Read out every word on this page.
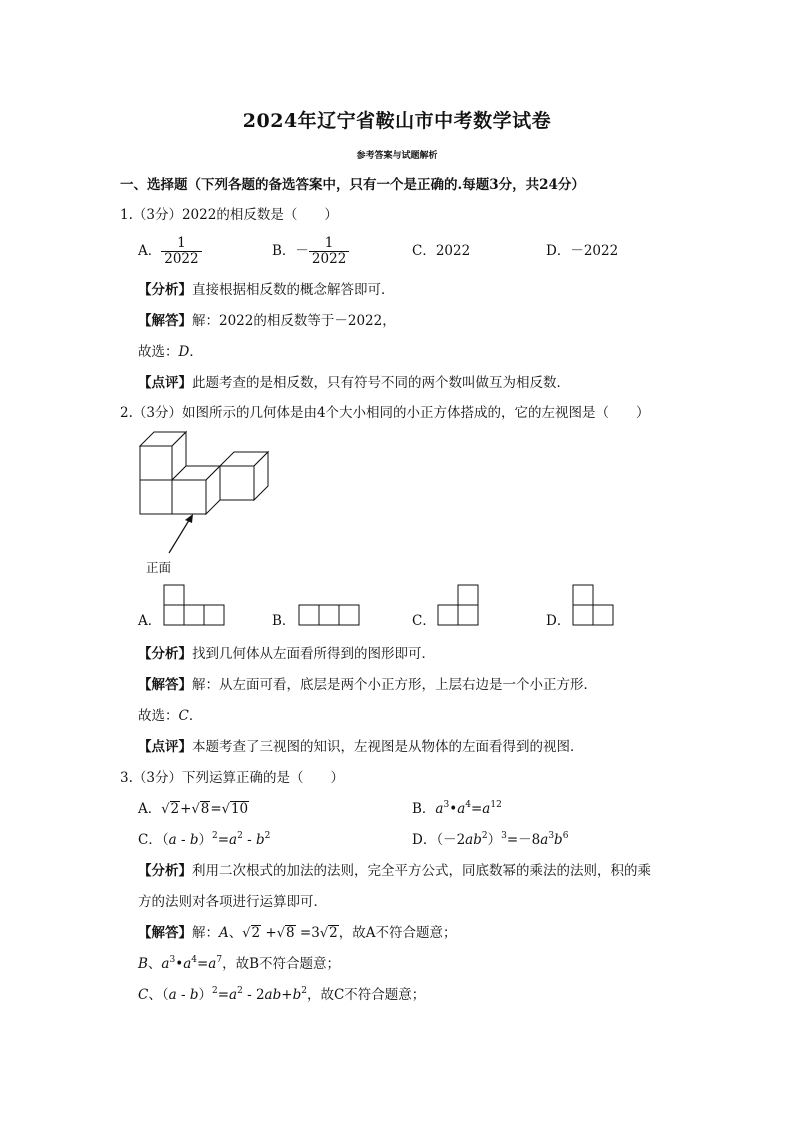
2024年辽宁省鞍山市中考数学试卷
参考答案与试题解析
一、选择题（下列各题的备选答案中，只有一个是正确的.每题3分，共24分）
1.（3分）2022的相反数是（　　）
A． $\frac{1}{2022}$	B．－ $\frac{1}{2022}$	C．2022	D．－2022
【分析】直接根据相反数的概念解答即可．
【解答】解：2022的相反数等于－2022，
故选：D．
【点评】此题考查的是相反数，只有符号不同的两个数叫做互为相反数．
2.（3分）如图所示的几何体是由4个大小相同的小正方体搭成的，它的左视图是（　　）
正面
A．	B．	C．	D．
【分析】找到几何体从左面看所得到的图形即可．
【解答】解：从左面可看，底层是两个小正方形，上层右边是一个小正方形．
故选：C．
【点评】本题考查了三视图的知识，左视图是从物体的左面看得到的视图．
3.（3分）下列运算正确的是（　　）
A．√2+√8=√10	B．$a^3•a^4=a^{12}$
C．$(a - b)^2=a^2 - b^2$	D．$(-2ab^2)^3=-8a^3b^6$
【分析】利用二次根式的加法的法则，完全平方公式，同底数幂的乘法的法则，积的乘
方的法则对各项进行运算即可．
【解答】解：A、√2 +√8 =3√2，故A不符合题意；
B、$a^3•a^4=a^7$，故B不符合题意；
C、$(a - b)^2=a^2 - 2ab+b^2$，故C不符合题意；
